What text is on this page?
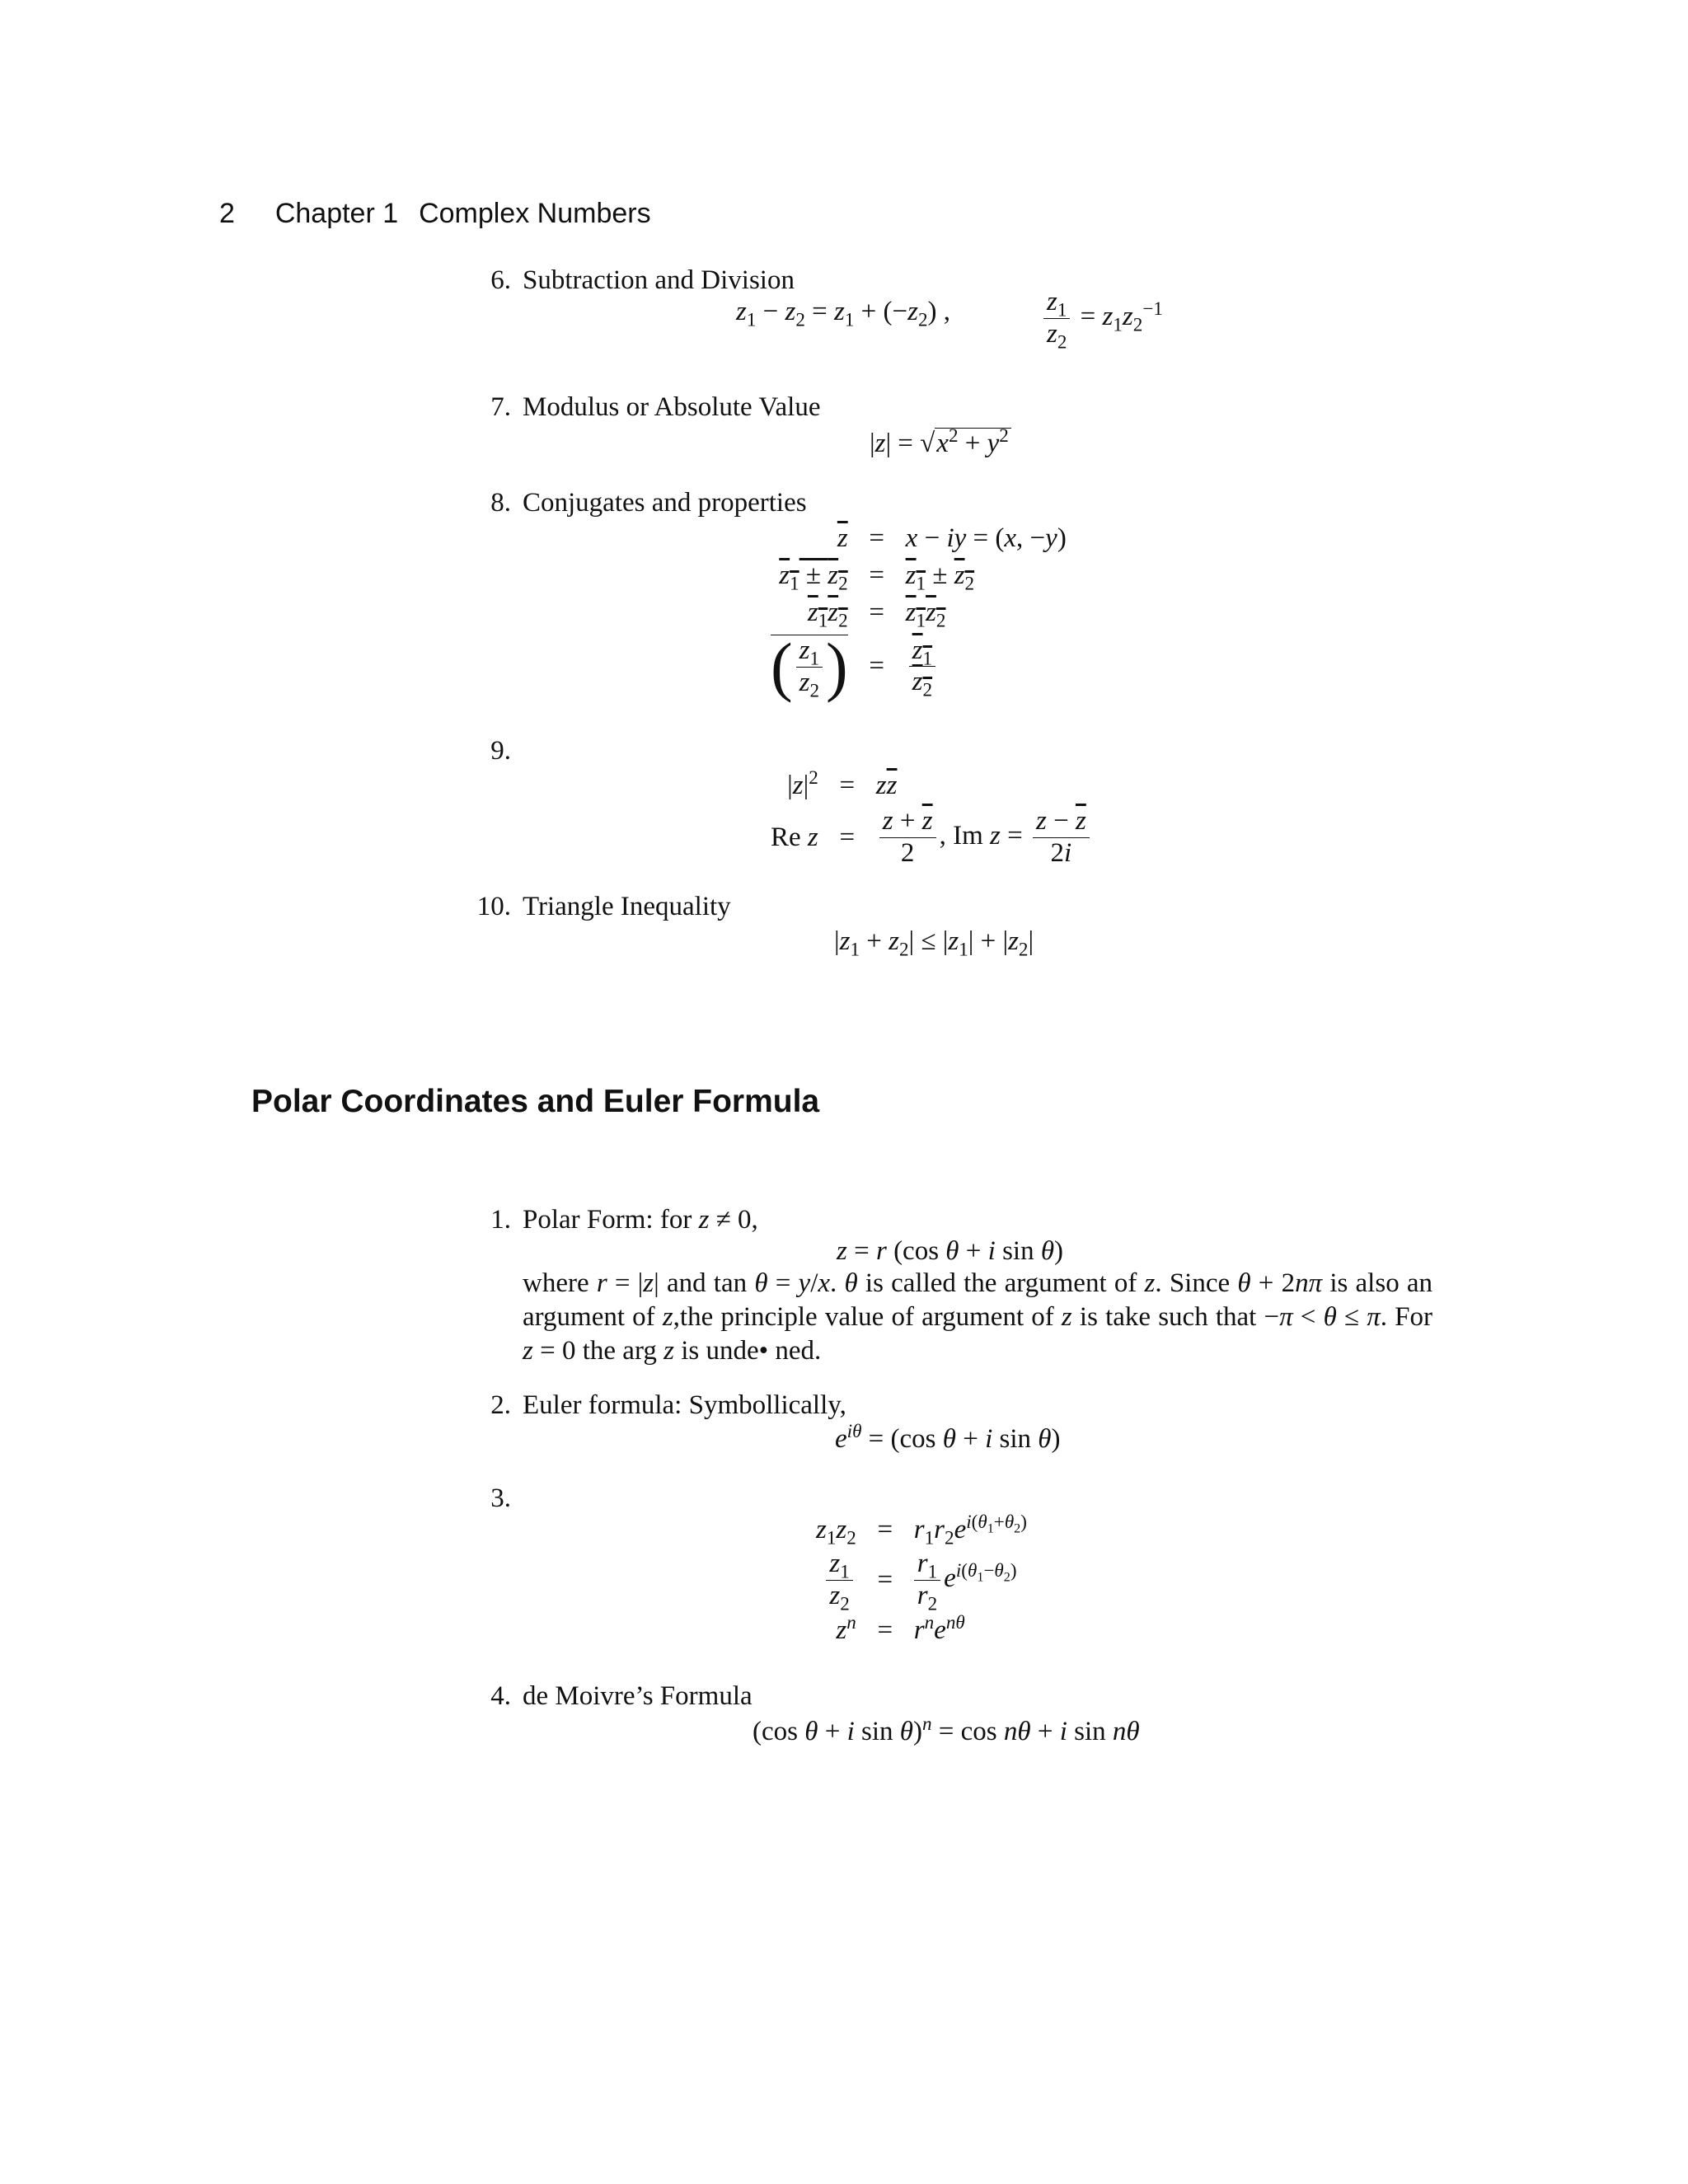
2 Chapter 1 Complex Numbers
6. Subtraction and Division
$z_1 - z_2 = z_1 + (-z_2)$ ,	$\frac{z_1}{z_2} = z_1z_2^{-1}$
7. Modulus or Absolute Value
$|z| = √x^2 + y^2$
8. Conjugates and properties
$\overline{z} = x$ − iy = (x, −y)
$z_1 \pm z_2 = z_1 \pm z_2$
$z_1z_2 = z_1z_2$
( $\frac{z_1}{z_2}$ ) = $\frac{z_1}{z_2}$
9.
$|z|^2 = z\overline{z}$
Re $z = \frac{z + \overline{z}}{2}$ , Im $z = \frac{z - \overline{z}}{2i}$
10. Triangle Inequality
$|z_1 + z_2| \le |z_1| + |z_2|$
Polar Coordinates and Euler Formula
1. Polar Form: for z ≠ 0,
z = r (cos θ + i sin θ)
where r = |z| and tan θ = y/x. θ is called the argument of z. Since θ + 2nπ is also an argument of z,the principle value of argument of z is take such that −π < θ ≤ π. For z = 0 the arg z is unde• ned.
2. Euler formula: Symbollically,
$e^{i\theta} = (\cos$ θ + i sin θ)
3.
$z_1z_2 = r_1r_2e^{i(\theta_1+\theta_2)}$
$\frac{z_1}{z_2} = \frac{r_1}{r_2} e^{i(\theta_1-\theta_2)}$
$z^n = r^ne^{n\theta}$
4. de Moivre’s Formula
(cos θ + i sin θ)$^n$ = cos nθ + i sin nθ
